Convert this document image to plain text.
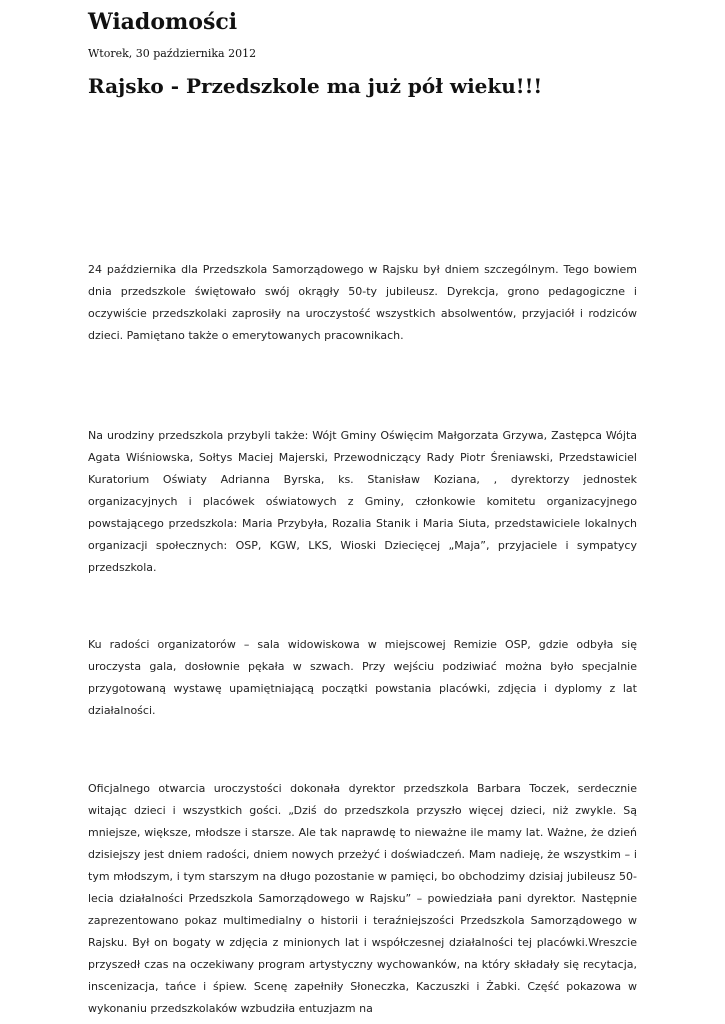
Wiadomości

Wtorek, 30 października 2012

Rajsko - Przedszkole ma już pół wieku!!!

24 października dla Przedszkola Samorządowego w Rajsku był dniem szczególnym. Tego bowiem dnia przedszkole świętowało swój okrągły 50-ty jubileusz. Dyrekcja, grono pedagogiczne i oczywiście przedszkolaki zaprosiły na uroczystość wszystkich absolwentów, przyjaciół i rodziców dzieci. Pamiętano także o emerytowanych pracownikach.

Na urodziny przedszkola przybyli także: Wójt Gminy Oświęcim Małgorzata Grzywa, Zastępca Wójta Agata Wiśniowska, Sołtys Maciej Majerski, Przewodniczący Rady Piotr Śreniawski, Przedstawiciel Kuratorium Oświaty Adrianna Byrska, ks. Stanisław Koziana, , dyrektorzy jednostek organizacyjnych i placówek oświatowych z Gminy, członkowie komitetu organizacyjnego powstającego przedszkola: Maria Przybyła, Rozalia Stanik i Maria Siuta, przedstawiciele lokalnych organizacji społecznych: OSP, KGW, LKS, Wioski Dziecięcej „Maja”, przyjaciele i sympatycy przedszkola.

Ku radości organizatorów – sala widowiskowa w miejscowej Remizie OSP, gdzie odbyła się uroczysta gala, dosłownie pękała w szwach. Przy wejściu podziwiać można było specjalnie przygotowaną wystawę upamiętniającą początki powstania placówki, zdjęcia i dyplomy z lat działalności.

Oficjalnego otwarcia uroczystości dokonała dyrektor przedszkola Barbara Toczek, serdecznie witając dzieci i wszystkich gości. „Dziś do przedszkola przyszło więcej dzieci, niż zwykle. Są mniejsze, większe, młodsze i starsze. Ale tak naprawdę to nieważne ile mamy lat. Ważne, że dzień dzisiejszy jest dniem radości, dniem nowych przeżyć i doświadczeń. Mam nadieję, że wszystkim – i tym młodszym, i tym starszym na długo pozostanie w pamięci, bo obchodzimy dzisiaj jubileusz 50-lecia działalności Przedszkola Samorządowego w Rajsku” – powiedziała pani dyrektor. Następnie zaprezentowano pokaz multimedialny o historii i teraźniejszości Przedszkola Samorządowego w Rajsku. Był on bogaty w zdjęcia z minionych lat i współczesnej działalności tej placówki.Wreszcie przyszedł czas na oczekiwany program artystyczny wychowanków, na który składały się recytacja, inscenizacja, tańce i śpiew. Scenę zapełniły Słoneczka, Kaczuszki i Żabki. Część pokazowa w wykonaniu przedszkolaków wzbudziła entuzjazm na
